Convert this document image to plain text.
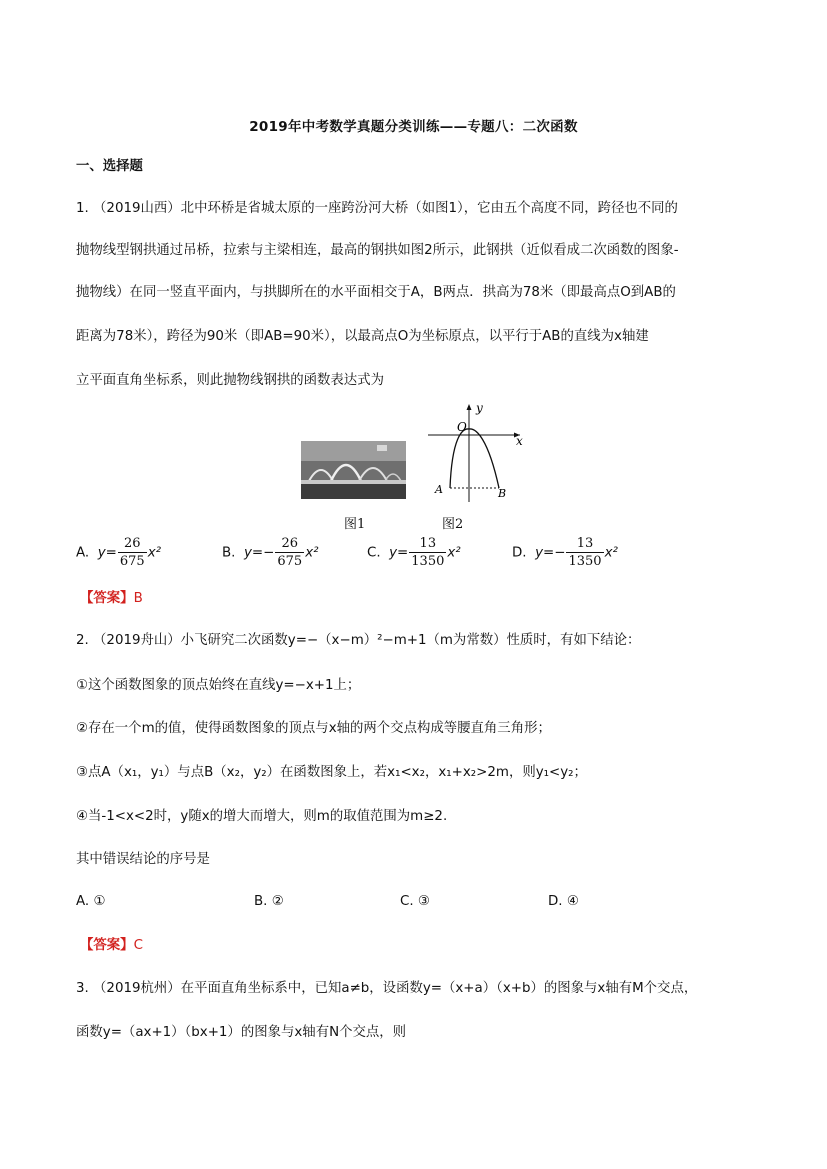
2019年中考数学真题分类训练——专题八：二次函数
一、选择题
1. （2019山西）北中环桥是省城太原的一座跨汾河大桥（如图1），它由五个高度不同，跨径也不同的
抛物线型钢拱通过吊桥，拉索与主梁相连，最高的钢拱如图2所示，此钢拱（近似看成二次函数的图象-
抛物线）在同一竖直平面内，与拱脚所在的水平面相交于A，B两点．拱高为78米（即最高点O到AB的
距离为78米），跨径为90米（即AB=90米），以最高点O为坐标原点，以平行于AB的直线为x轴建
立平面直角坐标系，则此抛物线钢拱的函数表达式为
y
x
O
A	B
图1	图2
A. $y= \frac{26}{675} x^2$	B. $y=- \frac{26}{675} x^2$	C. $y= \frac{13}{1350} x^2$	D. $y=- \frac{13}{1350} x^2$
【答案】B
2. （2019舟山）小飞研究二次函数y=−（x−m）²−m+1（m为常数）性质时，有如下结论：
①这个函数图象的顶点始终在直线y=−x+1上；
②存在一个m的值，使得函数图象的顶点与x轴的两个交点构成等腰直角三角形；
③点A（x₁，y₁）与点B（x₂，y₂）在函数图象上，若x₁<x₂，x₁+x₂>2m，则y₁<y₂；
④当-1<x<2时，y随x的增大而增大，则m的取值范围为m≥2.
其中错误结论的序号是
A. ①	B. ②	C. ③	D. ④
【答案】C
3. （2019杭州）在平面直角坐标系中，已知a≠b，设函数y=（x+a）（x+b）的图象与x轴有M个交点，
函数y=（ax+1）（bx+1）的图象与x轴有N个交点，则
